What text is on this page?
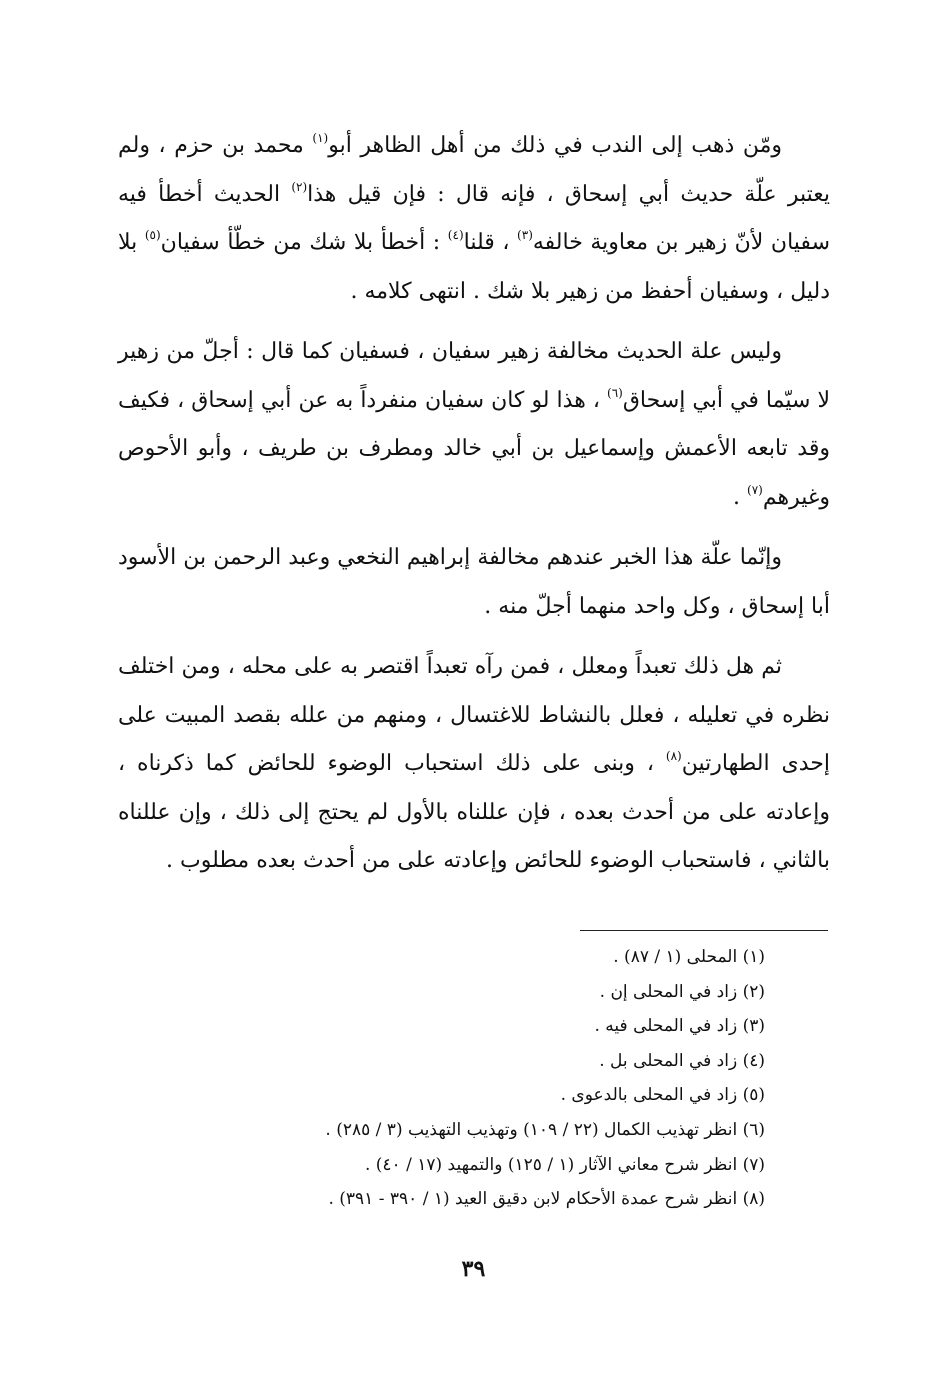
ومّن ذهب إلى الندب في ذلك من أهل الظاهر أبو$^{(١)}$ محمد بن حزم ، ولم يعتبر علّة حديث أبي إسحاق ، فإنه قال : فإن قيل هذا$^{(٢)}$ الحديث أخطأ فيه سفيان لأنّ زهير بن معاوية خالفه$^{(٣)}$ ، قلنا$^{(٤)}$ : أخطأ بلا شك من خطّأ سفيان$^{(٥)}$ بلا دليل ، وسفيان أحفظ من زهير بلا شك . انتهى كلامه .

وليس علة الحديث مخالفة زهير سفيان ، فسفيان كما قال : أجلّ من زهير لا سيّما في أبي إسحاق$^{(٦)}$ ، هذا لو كان سفيان منفرداً به عن أبي إسحاق ، فكيف وقد تابعه الأعمش وإسماعيل بن أبي خالد ومطرف بن طريف ، وأبو الأحوص وغيرهم$^{(٧)}$ .

وإنّما علّة هذا الخبر عندهم مخالفة إبراهيم النخعي وعبد الرحمن بن الأسود أبا إسحاق ، وكل واحد منهما أجلّ منه .

ثم هل ذلك تعبداً ومعلل ، فمن رآه تعبداً اقتصر به على محله ، ومن اختلف نظره في تعليله ، فعلل بالنشاط للاغتسال ، ومنهم من علله بقصد المبيت على إحدى الطهارتين$^{(٨)}$ ، وبنى على ذلك استحباب الوضوء للحائض كما ذكرناه ، وإعادته على من أحدث بعده ، فإن عللناه بالأول لم يحتج إلى ذلك ، وإن عللناه بالثاني ، فاستحباب الوضوء للحائض وإعادته على من أحدث بعده مطلوب .

(١) المحلى (١ / ٨٧) .
(٢) زاد في المحلى إن .
(٣) زاد في المحلى فيه .
(٤) زاد في المحلى بل .
(٥) زاد في المحلى بالدعوى .
(٦) انظر تهذيب الكمال (٢٢ / ١٠٩) وتهذيب التهذيب (٣ / ٢٨٥) .
(٧) انظر شرح معاني الآثار (١ / ١٢٥) والتمهيد (١٧ / ٤٠) .
(٨) انظر شرح عمدة الأحكام لابن دقيق العيد (١ / ٣٩٠ - ٣٩١) .
٣٩
